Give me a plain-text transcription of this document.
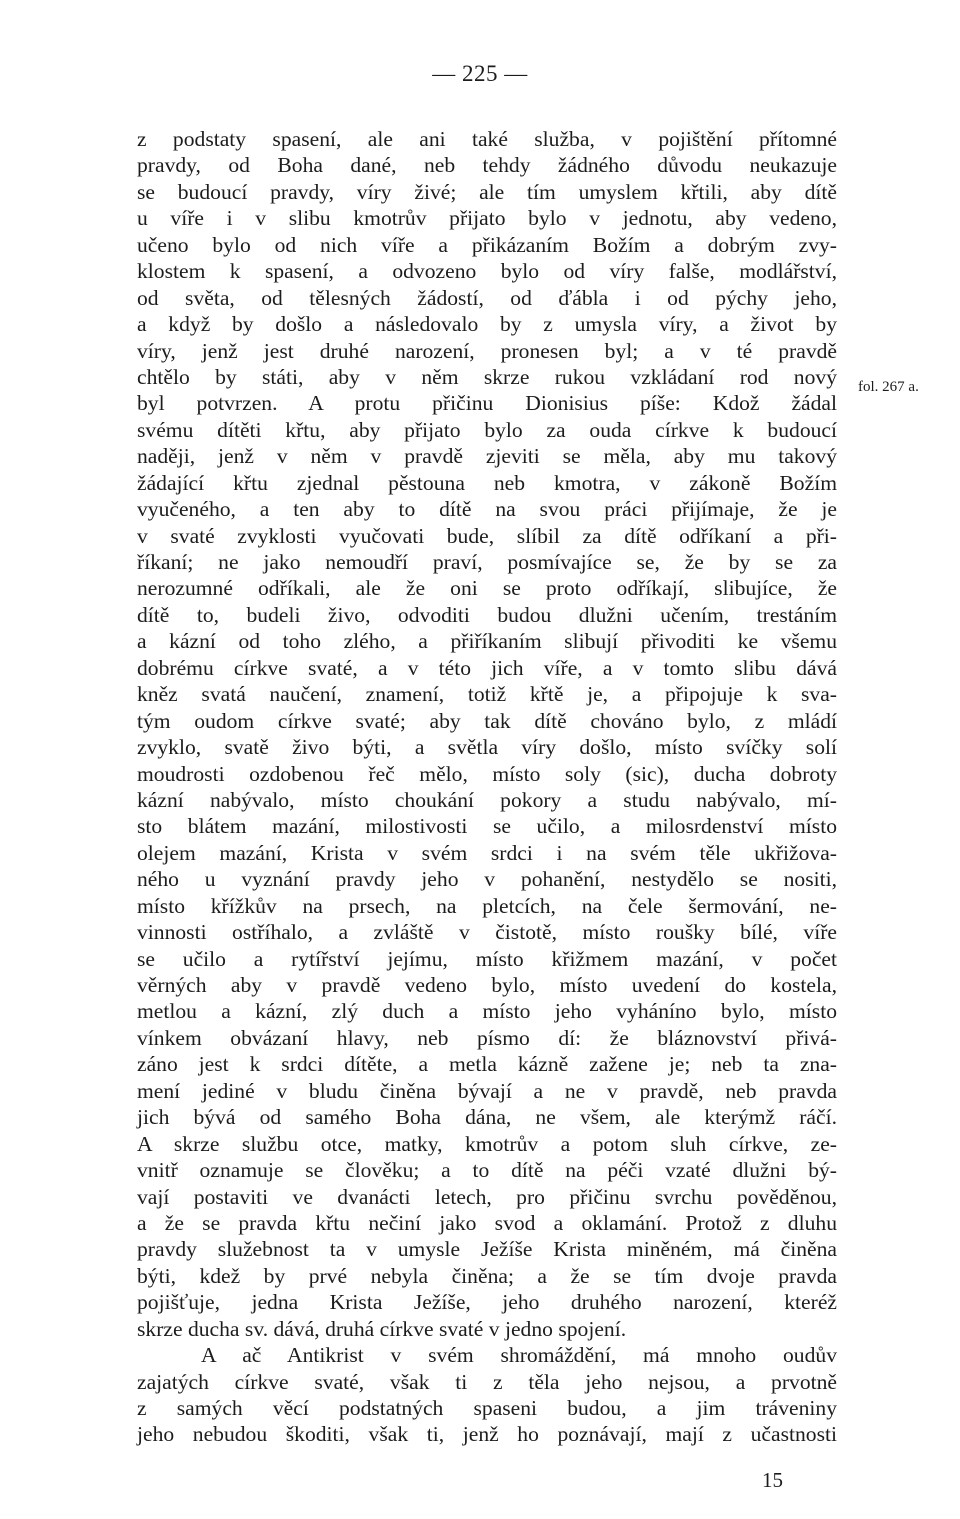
— 225 —
z podstaty spasení, ale ani také služba, v pojištění přítomné
pravdy, od Boha dané, neb tehdy žádného důvodu neukazuje
se budoucí pravdy, víry živé; ale tím umyslem křtili, aby dítě
u víře i v slibu kmotrův přijato bylo v jednotu, aby vedeno,
učeno bylo od nich víře a přikázaním Božím a dobrým zvy-
klostem k spasení, a odvozeno bylo od víry falše, modlářství,
od světa, od tělesných žádostí, od ďábla i od pýchy jeho,
a když by došlo a následovalo by z umysla víry, a život by
víry, jenž jest druhé narození, pronesen byl; a v té pravdě
chtělo by státi, aby v něm skrze rukou vzkládaní rod nový
byl potvrzen. A protu přičinu Dionisius píše: Kdož žádal
svému dítěti křtu, aby přijato bylo za ouda církve k budoucí
naději, jenž v něm v pravdě zjeviti se měla, aby mu takový
žádající křtu zjednal pěstouna neb kmotra, v zákoně Božím
vyučeného, a ten aby to dítě na svou práci přijímaje, že je
v svaté zvyklosti vyučovati bude, slíbil za dítě odříkaní a při-
říkaní; ne jako nemoudří praví, posmívajíce se, že by se za
nerozumné odříkali, ale že oni se proto odříkají, slibujíce, že
dítě to, budeli živo, odvoditi budou dlužni učením, trestáním
a kázní od toho zlého, a přiříkaním slibují přivoditi ke všemu
dobrému církve svaté, a v této jich víře, a v tomto slibu dává
kněz svatá naučení, znamení, totiž křtě je, a připojuje k sva-
tým oudom církve svaté; aby tak dítě chováno bylo, z mládí
zvyklo, svatě živo býti, a světla víry došlo, místo svíčky solí
moudrosti ozdobenou řeč mělo, místo soly (sic), ducha dobroty
kázní nabývalo, místo choukání pokory a studu nabývalo, mí-
sto blátem mazání, milostivosti se učilo, a milosrdenství místo
olejem mazání, Krista v svém srdci i na svém těle ukřižova-
ného u vyznání pravdy jeho v pohanění, nestydělo se nositi,
místo křížkův na prsech, na pletcích, na čele šermování, ne-
vinnosti ostříhalo, a zvláště v čistotě, místo roušky bílé, víře
se učilo a rytířství jejímu, místo křižmem mazání, v počet
věrných aby v pravdě vedeno bylo, místo uvedení do kostela,
metlou a kázní, zlý duch a místo jeho vyháníno bylo, místo
vínkem obvázaní hlavy, neb písmo dí: že bláznovství přivá-
záno jest k srdci dítěte, a metla kázně zažene je; neb ta zna-
mení jediné v bludu činěna bývají a ne v pravdě, neb pravda
jich bývá od samého Boha dána, ne všem, ale kterýmž ráčí.
A skrze službu otce, matky, kmotrův a potom sluh církve, ze-
vnitř oznamuje se člověku; a to dítě na péči vzaté dlužni bý-
vají postaviti ve dvanácti letech, pro přičinu svrchu pověděnou,
a že se pravda křtu nečiní jako svod a oklamání. Protož z dluhu
pravdy služebnost ta v umysle Ježíše Krista miněném, má činěna
býti, kdež by prvé nebyla činěna; a že se tím dvoje pravda
pojišťuje, jedna Krista Ježíše, jeho druhého narození, kteréž
skrze ducha sv. dává, druhá církve svaté v jedno spojení.
A ač Antikrist v svém shromáždění, má mnoho oudův
zajatých církve svaté, však ti z těla jeho nejsou, a prvotně
z samých věcí podstatných spaseni budou, a jim tráveniny
jeho nebudou škoditi, však ti, jenž ho poznávají, mají z učastnosti
fol. 267 a.
15
